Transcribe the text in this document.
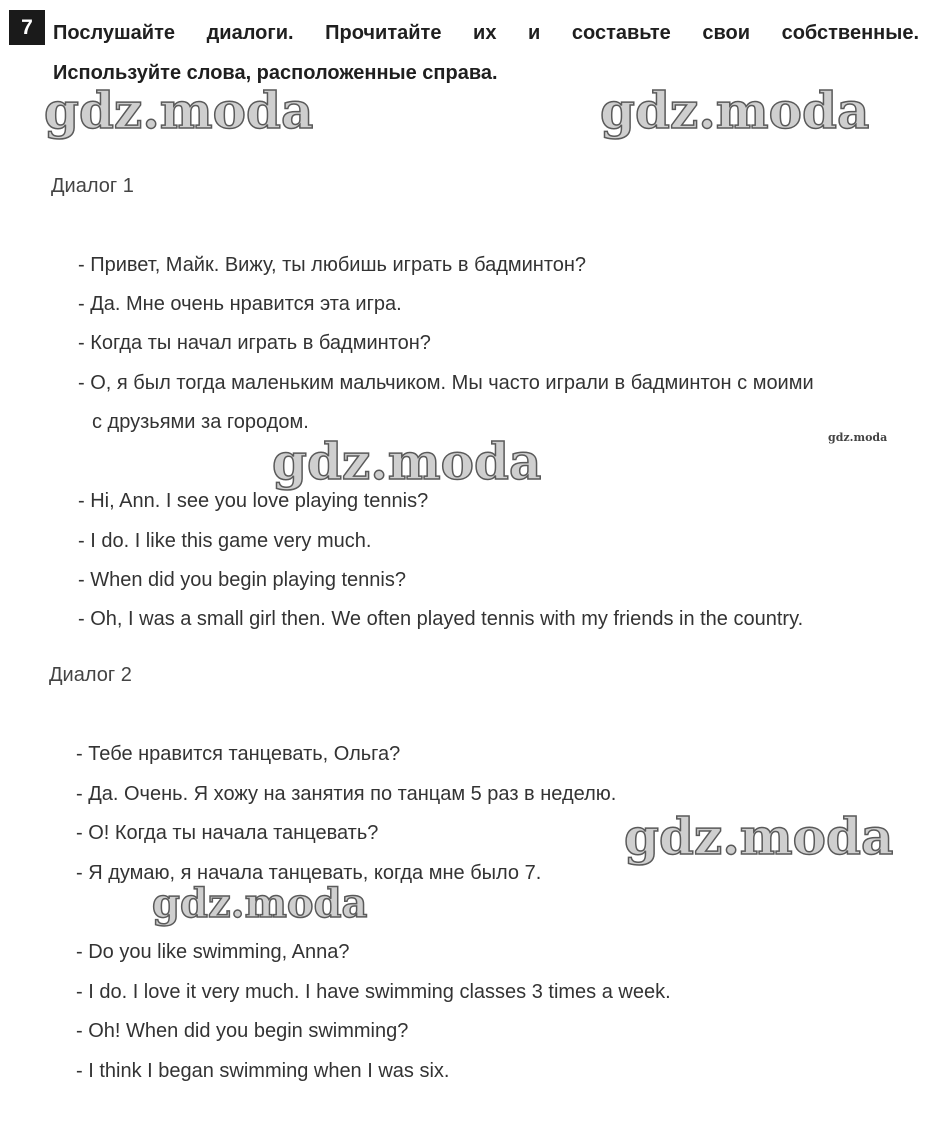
7	Послушайте диалоги. Прочитайте их и составьте свои собственные.
Используйте слова, расположенные справа.
gdz.moda	gdz.moda
gdz.moda
gdz.moda
gdz.moda
gdz.moda
Диалог 1
- Привет, Майк. Вижу, ты любишь играть в бадминтон?
- Да. Мне очень нравится эта игра.
- Когда ты начал играть в бадминтон?
- О, я был тогда маленьким мальчиком. Мы часто играли в бадминтон с моими
с друзьями за городом.
- Hi, Ann. I see you love playing tennis?
- I do. I like this game very much.
- When did you begin playing tennis?
- Oh, I was a small girl then. We often played tennis with my friends in the country.
Диалог 2
- Тебе нравится танцевать, Ольга?
- Да. Очень. Я хожу на занятия по танцам 5 раз в неделю.
- О! Когда ты начала танцевать?
- Я думаю, я начала танцевать, когда мне было 7.
- Do you like swimming, Anna?
- I do. I love it very much. I have swimming classes 3 times a week.
- Oh! When did you begin swimming?
- I think I began swimming when I was six.
